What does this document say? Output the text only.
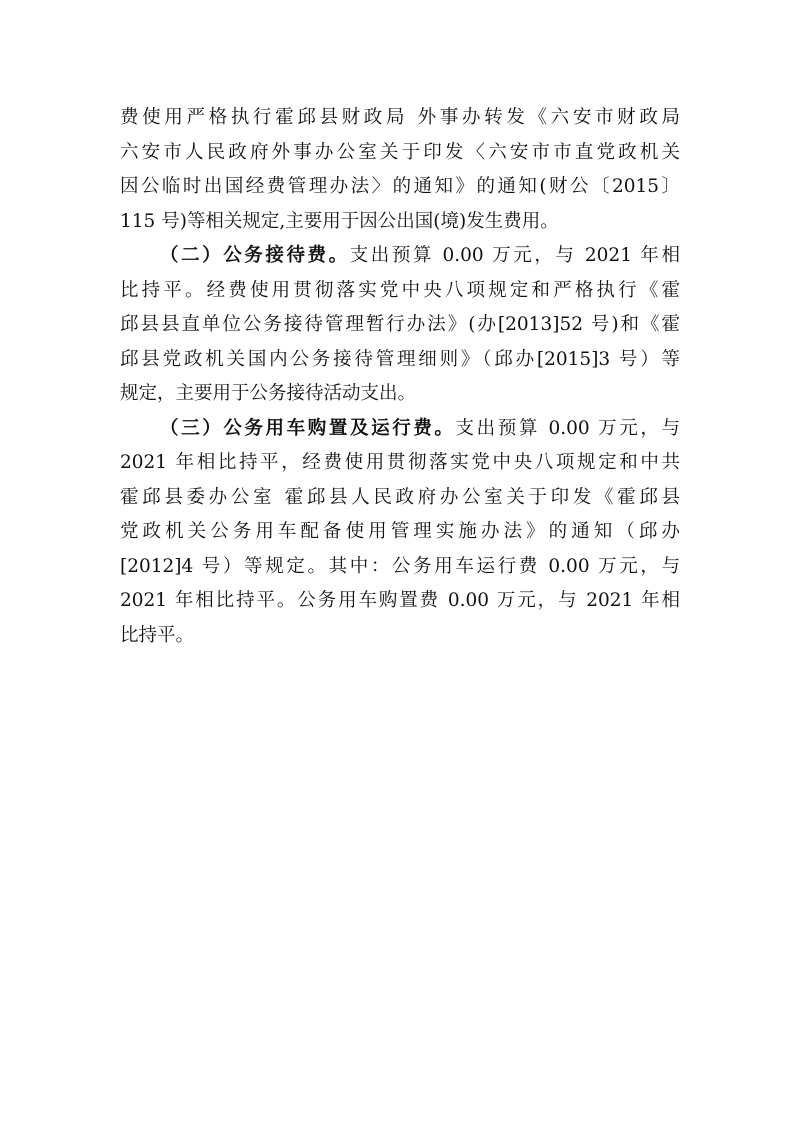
费使用严格执行霍邱县财政局 外事办转发《六安市财政局
六安市人民政府外事办公室关于印发〈六安市市直党政机关
因公临时出国经费管理办法〉的通知》的通知(财公〔2015〕
115 号)等相关规定,主要用于因公出国(境)发生费用。

（二）公务接待费。支出预算 0.00 万元，与 2021 年相
比持平。经费使用贯彻落实党中央八项规定和严格执行《霍
邱县县直单位公务接待管理暂行办法》(办[2013]52 号)和《霍
邱县党政机关国内公务接待管理细则》（邱办[2015]3 号）等
规定，主要用于公务接待活动支出。

（三）公务用车购置及运行费。支出预算 0.00 万元，与
2021 年相比持平，经费使用贯彻落实党中央八项规定和中共
霍邱县委办公室 霍邱县人民政府办公室关于印发《霍邱县
党政机关公务用车配备使用管理实施办法》的通知（邱办
[2012]4 号）等规定。其中：公务用车运行费 0.00 万元，与
2021 年相比持平。公务用车购置费 0.00 万元，与 2021 年相
比持平。
